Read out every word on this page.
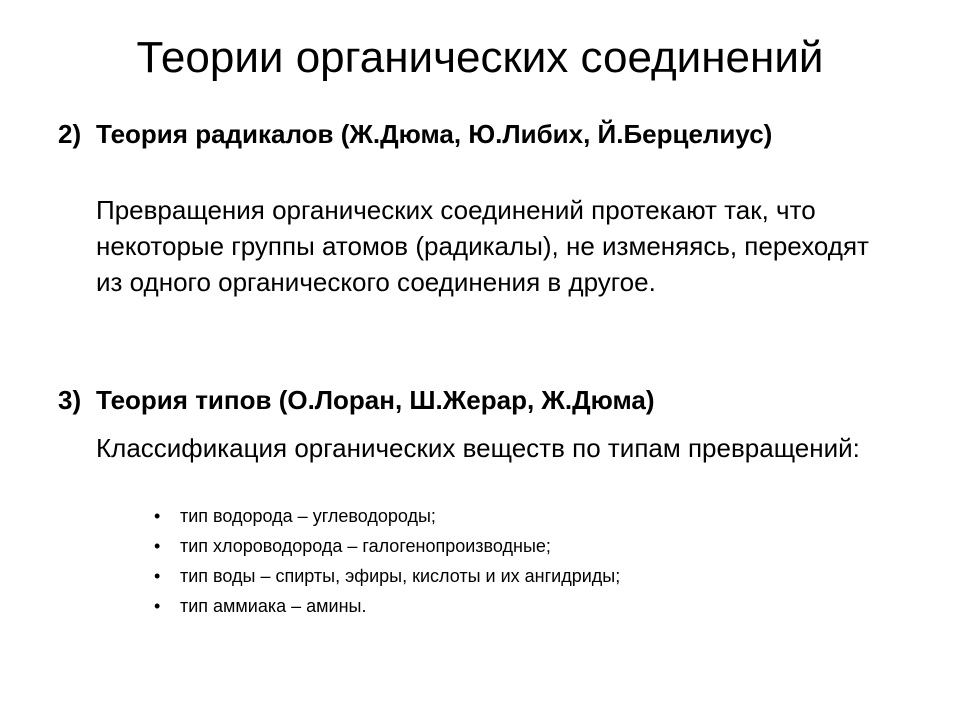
Теории органических соединений
2) Теория радикалов (Ж.Дюма, Ю.Либих, Й.Берцелиус)

Превращения органических соединений протекают так, что некоторые группы атомов (радикалы), не изменяясь, переходят из одного органического соединения в другое.

3) Теория типов (О.Лоран, Ш.Жерар, Ж.Дюма)

Классификация органических веществ по типам превращений:

• тип водорода – углеводороды;
• тип хлороводорода – галогенопроизводные;
• тип воды – спирты, эфиры, кислоты и их ангидриды;
• тип аммиака – амины.
